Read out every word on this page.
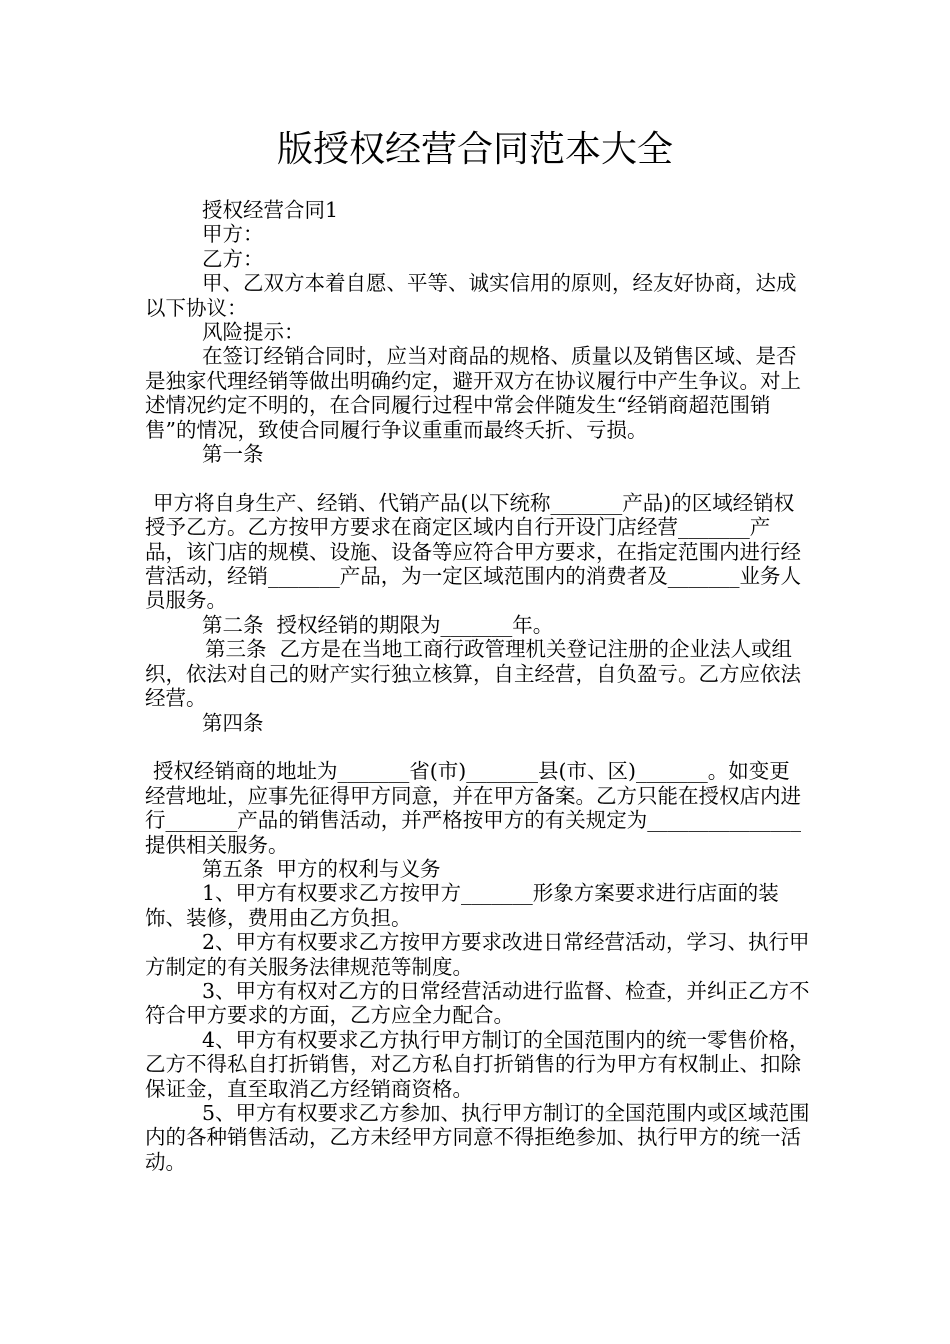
版授权经营合同范本大全

授权经营合同1

甲方：

乙方：

甲、乙双方本着自愿、平等、诚实信用的原则，经友好协商，达成以下协议：

风险提示：

在签订经销合同时，应当对商品的规格、质量以及销售区域、是否是独家代理经销等做出明确约定，避开双方在协议履行中产生争议。对上述情况约定不明的，在合同履行过程中常会伴随发生“经销商超范围销售”的情况，致使合同履行争议重重而最终夭折、亏损。

第一条

甲方将自身生产、经销、代销产品(以下统称_______产品)的区域经销权授予乙方。乙方按甲方要求在商定区域内自行开设门店经营_______产品，该门店的规模、设施、设备等应符合甲方要求，在指定范围内进行经营活动，经销_______产品，为一定区域范围内的消费者及_______业务人员服务。

第二条  授权经销的期限为_______年。

第三条  乙方是在当地工商行政管理机关登记注册的企业法人或组织，依法对自己的财产实行独立核算，自主经营，自负盈亏。乙方应依法经营。

第四条

授权经销商的地址为_______省(市)_______县(市、区)_______。如变更经营地址，应事先征得甲方同意，并在甲方备案。乙方只能在授权店内进行_______产品的销售活动，并严格按甲方的有关规定为_______________提供相关服务。

第五条  甲方的权利与义务

1、甲方有权要求乙方按甲方_______形象方案要求进行店面的装饰、装修，费用由乙方负担。

2、甲方有权要求乙方按甲方要求改进日常经营活动，学习、执行甲方制定的有关服务法律规范等制度。

3、甲方有权对乙方的日常经营活动进行监督、检查，并纠正乙方不符合甲方要求的方面，乙方应全力配合。

4、甲方有权要求乙方执行甲方制订的全国范围内的统一零售价格，乙方不得私自打折销售，对乙方私自打折销售的行为甲方有权制止、扣除保证金，直至取消乙方经销商资格。

5、甲方有权要求乙方参加、执行甲方制订的全国范围内或区域范围内的各种销售活动，乙方未经甲方同意不得拒绝参加、执行甲方的统一活动。
